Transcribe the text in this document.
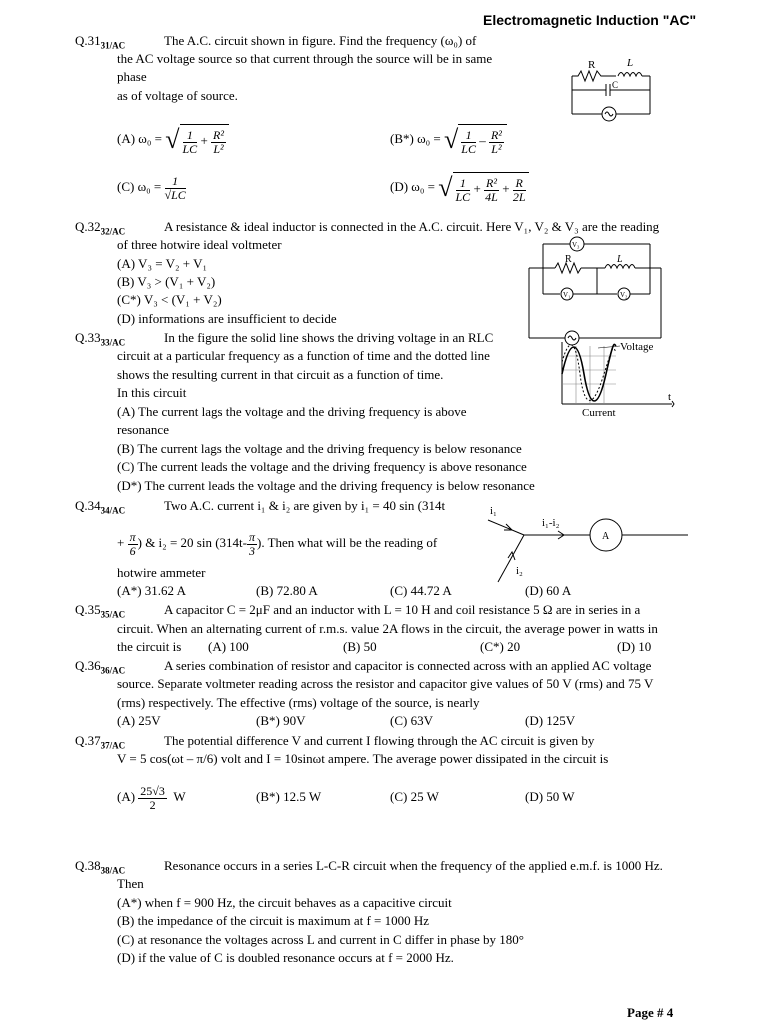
Electromagnetic Induction "AC"
$Q.31_{31/AC}$	The A.C. circuit shown in figure. Find the frequency (ω₀) of
the AC voltage source so that current through the source will be in same
phase
as of voltage of source.
R	L
C
(A) ω₀ = √ $\frac{1}{LC} + \frac{\text{R²}}{\text{L²}}$	(B*) ω₀ = √ $\frac{1}{LC} - \frac{\text{R²}}{\text{L²}}$
(C) $\omega_0 = \frac{1}{√LC}$	(D) ω₀ = √ $\frac{1}{LC} + \frac{\text{R²}}{4L} + \frac{R}{2L}$
$Q.32_{32/AC}$	A resistance & ideal inductor is connected in the A.C. circuit. Here V₁, V₂ & V₃ are the reading
of three hotwire ideal voltmeter
(A) V₃ = V₂ + V₁
(B) V₃ > (V₁ + V₂)
(C*) V₃ < (V₁ + V₂)
(D) informations are insufficient to decide
V₃
R	L
V₁	V₂
$Q.33_{33/AC}$	In the figure the solid line shows the driving voltage in an RLC
circuit at a particular frequency as a function of time and the dotted line
shows the resulting current in that circuit as a function of time.
In this circuit
(A) The current lags the voltage and the driving frequency is above
resonance
(B) The current lags the voltage and the driving frequency is below resonance
(C) The current leads the voltage and the driving frequency is above resonance
(D*) The current leads the voltage and the driving frequency is below resonance
Voltage
Current
t
$Q.34_{34/AC}$	Two A.C. current i₁ & i₂ are given by i₁ = 40 sin (314t
+ $\frac{\pi}{6}$ ) & i₂ = 20 $\sin (314t- \frac{\pi}{3}$ ). Then what will be the reading of
hotwire ammeter
(A*) 31.62 A	(B) 72.80 A	(C) 44.72 A	(D) 60 A
A
i₁
i₂
i₁-i₂
$Q.35_{35/AC}$	A capacitor C = 2μF and an inductor with L = 10 H and coil resistance 5 Ω are in series in a
circuit. When an alternating current of r.m.s. value 2A flows in the circuit, the average power in watts in
the circuit is (A) 100	(B) 50	(C*) 20	(D) 10
$Q.36_{36/AC}$	A series combination of resistor and capacitor is connected across with an applied AC voltage
source. Separate voltmeter reading across the resistor and capacitor give values of 50 V (rms) and 75 V
(rms) respectively. The effective (rms) voltage of the source, is nearly
(A) 25V	(B*) 90V	(C) 63V	(D) 125V
$Q.37_{37/AC}$	The potential difference V and current I flowing through the AC circuit is given by
V = 5 cos(ωt – π/6) volt and I = 10sinωt ampere. The average power dissipated in the circuit is
$(A) \frac{25√3}{2}$ W	(B*) 12.5 W	(C) 25 W	(D) 50 W
$Q.38_{38/AC}$	Resonance occurs in a series L-C-R circuit when the frequency of the applied e.m.f. is 1000 Hz.
Then
(A*) when f = 900 Hz, the circuit behaves as a capacitive circuit
(B) the impedance of the circuit is maximum at f = 1000 Hz
(C) at resonance the voltages across L and current in C differ in phase by 180°
(D) if the value of C is doubled resonance occurs at f = 2000 Hz.
Page # 4
